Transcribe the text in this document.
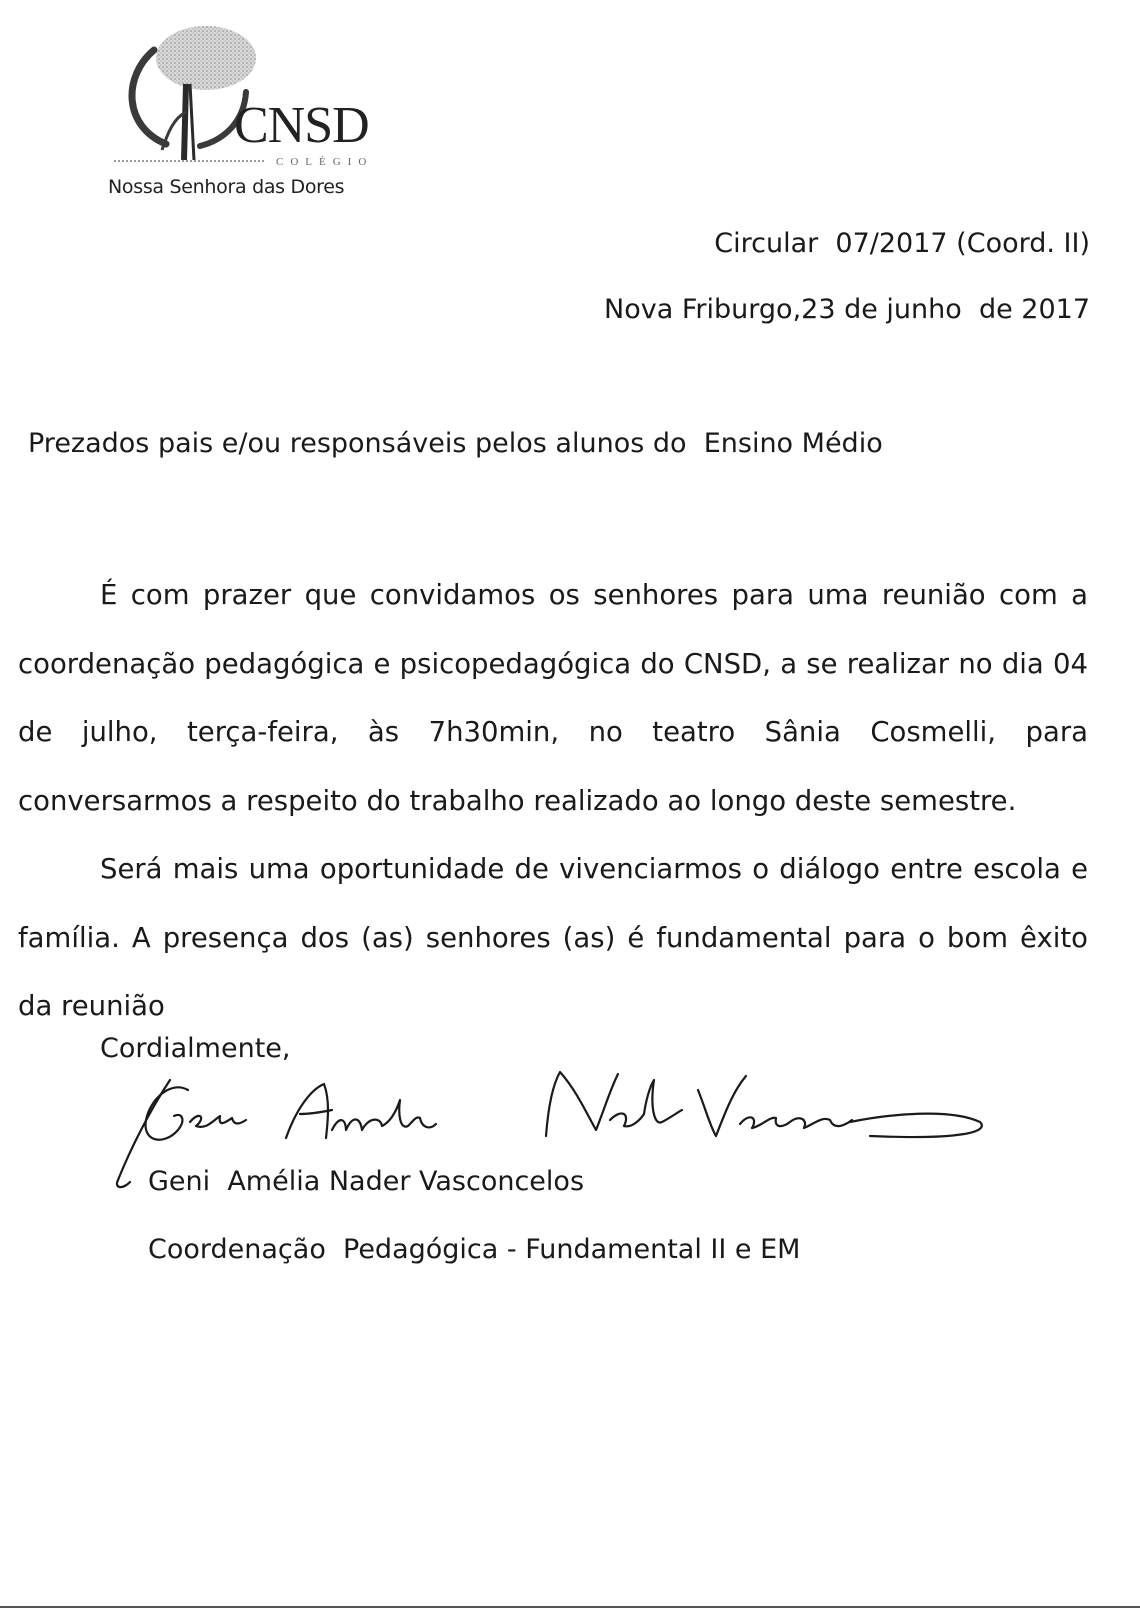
CNSD
COLÉGIO
Nossa Senhora das Dores
Circular  07/2017 (Coord. II)
Nova Friburgo,23 de junho  de 2017
Prezados pais e/ou responsáveis pelos alunos do  Ensino Médio

É com prazer que convidamos os senhores para uma reunião com a coordenação pedagógica e psicopedagógica do CNSD, a se realizar no dia 04 de julho, terça-feira, às 7h30min, no teatro Sânia Cosmelli, para conversarmos a respeito do trabalho realizado ao longo deste semestre.

Será mais uma oportunidade de vivenciarmos o diálogo entre escola e família. A presença dos (as) senhores (as) é fundamental para o bom êxito da reunião

Cordialmente,
Geni  Amélia Nader Vasconcelos
Coordenação  Pedagógica - Fundamental II e EM
